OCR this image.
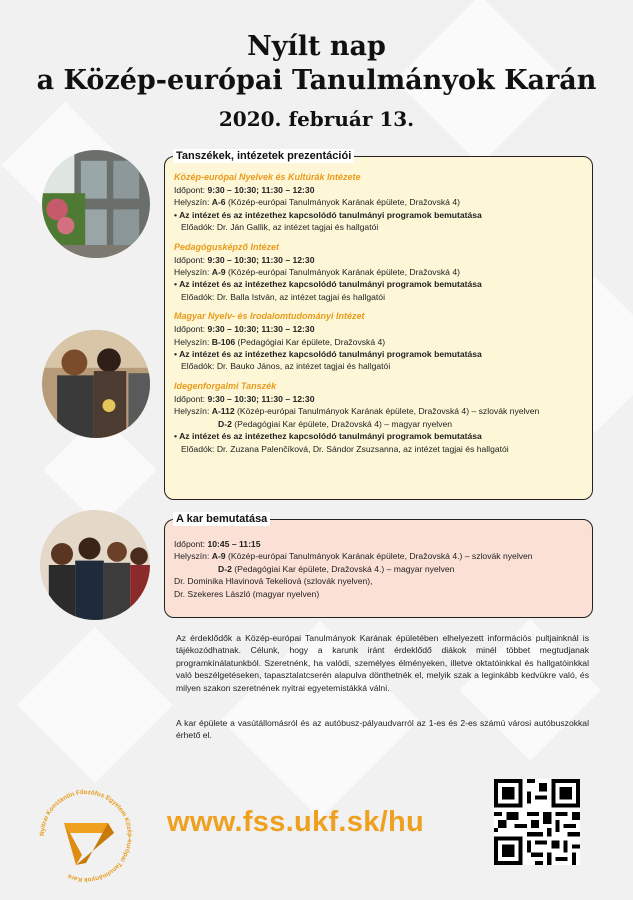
Nyílt nap
a Közép-európai Tanulmányok Karán
2020. február 13.
Tanszékek, intézetek prezentációi
Közép-európai Nyelvek és Kultúrák Intézete
Időpont: 9:30 – 10:30; 11:30 – 12:30
Helyszín: A-6 (Közép-európai Tanulmányok Karának épülete, Dražovská 4)
• Az intézet és az intézethez kapcsolódó tanulmányi programok bemutatása
Előadók: Dr. Ján Gallik, az intézet tagjai és hallgatói
Pedagógusképző Intézet
Időpont: 9:30 – 10:30; 11:30 – 12:30
Helyszín: A-9 (Közép-európai Tanulmányok Karának épülete, Dražovská 4)
• Az intézet és az intézethez kapcsolódó tanulmányi programok bemutatása
Előadók: Dr. Balla István, az intézet tagjai és hallgatói
Magyar Nyelv- és Irodalomtudományi Intézet
Időpont: 9:30 – 10:30; 11:30 – 12:30
Helyszín: B-106 (Pedagógiai Kar épülete, Dražovská 4)
• Az intézet és az intézethez kapcsolódó tanulmányi programok bemutatása
Előadók: Dr. Bauko János, az intézet tagjai és hallgatói
Idegenforgalmi Tanszék
Időpont: 9:30 – 10:30; 11:30 – 12:30
Helyszín: A-112 (Közép-európai Tanulmányok Karának épülete, Dražovská 4) – szlovák nyelven
D-2 (Pedagógiai Kar épülete, Dražovská 4) – magyar nyelven
• Az intézet és az intézethez kapcsolódó tanulmányi programok bemutatása
Előadók: Dr. Zuzana Palenčíková, Dr. Sándor Zsuzsanna, az intézet tagjai és hallgatói
A kar bemutatása
Időpont: 10:45 – 11:15
Helyszín: A-9 (Közép-európai Tanulmányok Karának épülete, Dražovská 4.) – szlovák nyelven
D-2 (Pedagógiai Kar épülete, Dražovská 4.) – magyar nyelven
Dr. Dominika Hlavinová Tekeliová (szlovák nyelven),
Dr. Szekeres László (magyar nyelven)
Az érdeklődők a Közép-európai Tanulmányok Karának épületében elhelyezett információs pultjainknál is tájékozódhatnak. Célunk, hogy a karunk iránt érdeklődő diákok minél többet megtudjanak programkínálatunkból. Szeretnénk, ha valódi, személyes élményeken, illetve oktatóinkkal és hallgatóinkkal való beszélgetéseken, tapasztalatcserén alapulva dönthetnék el, melyik szak a leginkább kedvükre való, és milyen szakon szeretnének nyitrai egyetemistákká válni.
A kar épülete a vasútállomásról és az autóbusz-pályaudvarról az 1-es és 2-es számú városi autóbuszokkal érhető el.
Nyitrai Konstantin Filozófus Egyetem Közép-európai Tanulmányok Kara
www.fss.ukf.sk/hu
